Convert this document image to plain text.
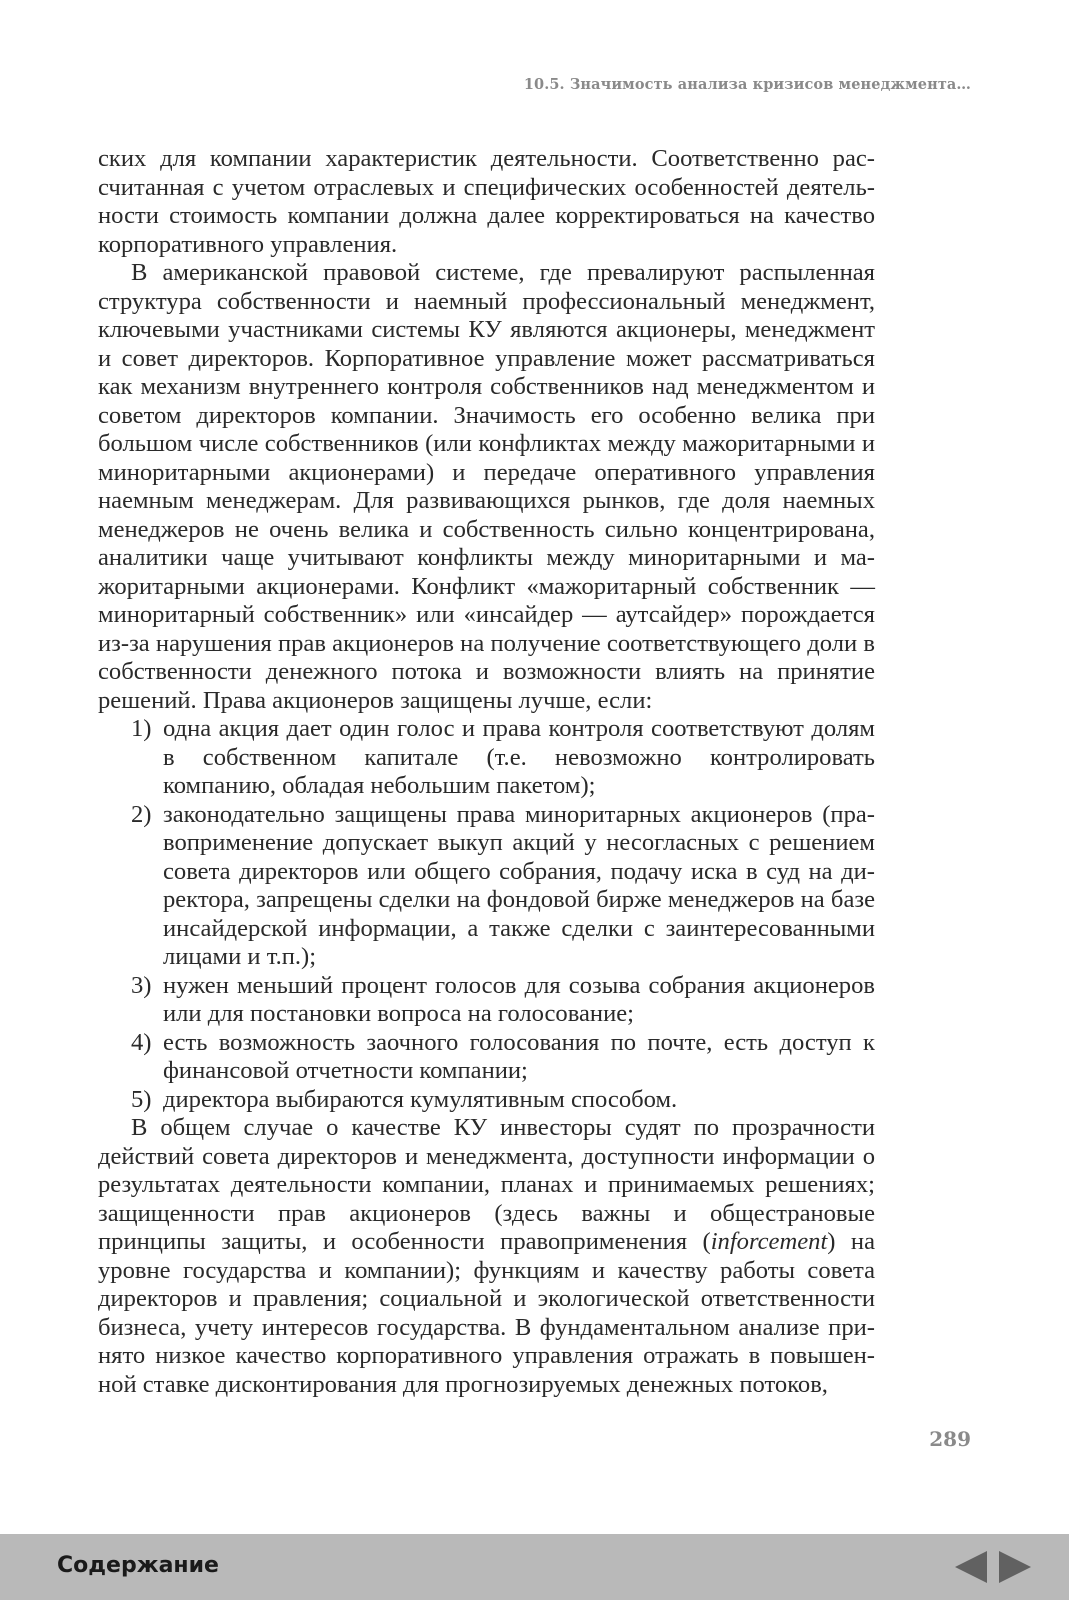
10.5. Значимость анализа кризисов менеджмента…

ских для компании характеристик деятельности. Соответственно рассчитанная с учетом отраслевых и специфических особенностей деятельности стоимость компании должна далее корректироваться на качество корпоративного управления.

В американской правовой системе, где превалируют распыленная структура собственности и наемный профессиональный менеджмент, ключевыми участниками системы КУ являются акционеры, менеджмент и совет директоров. Корпоративное управление может рассматриваться как механизм внутреннего контроля собственников над менеджментом и советом директоров компании. Значимость его особенно велика при большом числе собственников (или конфликтах между мажоритарными и миноритарными акционерами) и передаче оперативного управления наемным менеджерам. Для развивающихся рынков, где доля наемных менеджеров не очень велика и собственность сильно концентрирована, аналитики чаще учитывают конфликты между миноритарными и мажоритарными акционерами. Конфликт «мажоритарный собственник — миноритарный собственник» или «инсайдер — аутсайдер» порождается из-за нарушения прав акционеров на получение соответствующего доли в собственности денежного потока и возможности влиять на принятие решений. Права акционеров защищены лучше, если:

1) одна акция дает один голос и права контроля соответствуют долям в собственном капитале (т.е. невозможно контролировать компанию, обладая небольшим пакетом);
2) законодательно защищены права миноритарных акционеров (правоприменение допускает выкуп акций у несогласных с решением совета директоров или общего собрания, подачу иска в суд на директора, запрещены сделки на фондовой бирже менеджеров на базе инсайдерской информации, а также сделки с заинтересованными лицами и т.п.);
3) нужен меньший процент голосов для созыва собрания акционеров или для постановки вопроса на голосование;
4) есть возможность заочного голосования по почте, есть доступ к финансовой отчетности компании;
5) директора выбираются кумулятивным способом.

В общем случае о качестве КУ инвесторы судят по прозрачности действий совета директоров и менеджмента, доступности информации о результатах деятельности компании, планах и принимаемых решениях; защищенности прав акционеров (здесь важны и общестрановые принципы защиты, и особенности правоприменения (inforcement) на уровне государства и компании); функциям и качеству работы совета директоров и правления; социальной и экологической ответственности бизнеса, учету интересов государства. В фундаментальном анализе принято низкое качество корпоративного управления отражать в повышенной ставке дисконтирования для прогнозируемых денежных потоков,

289
Содержание
